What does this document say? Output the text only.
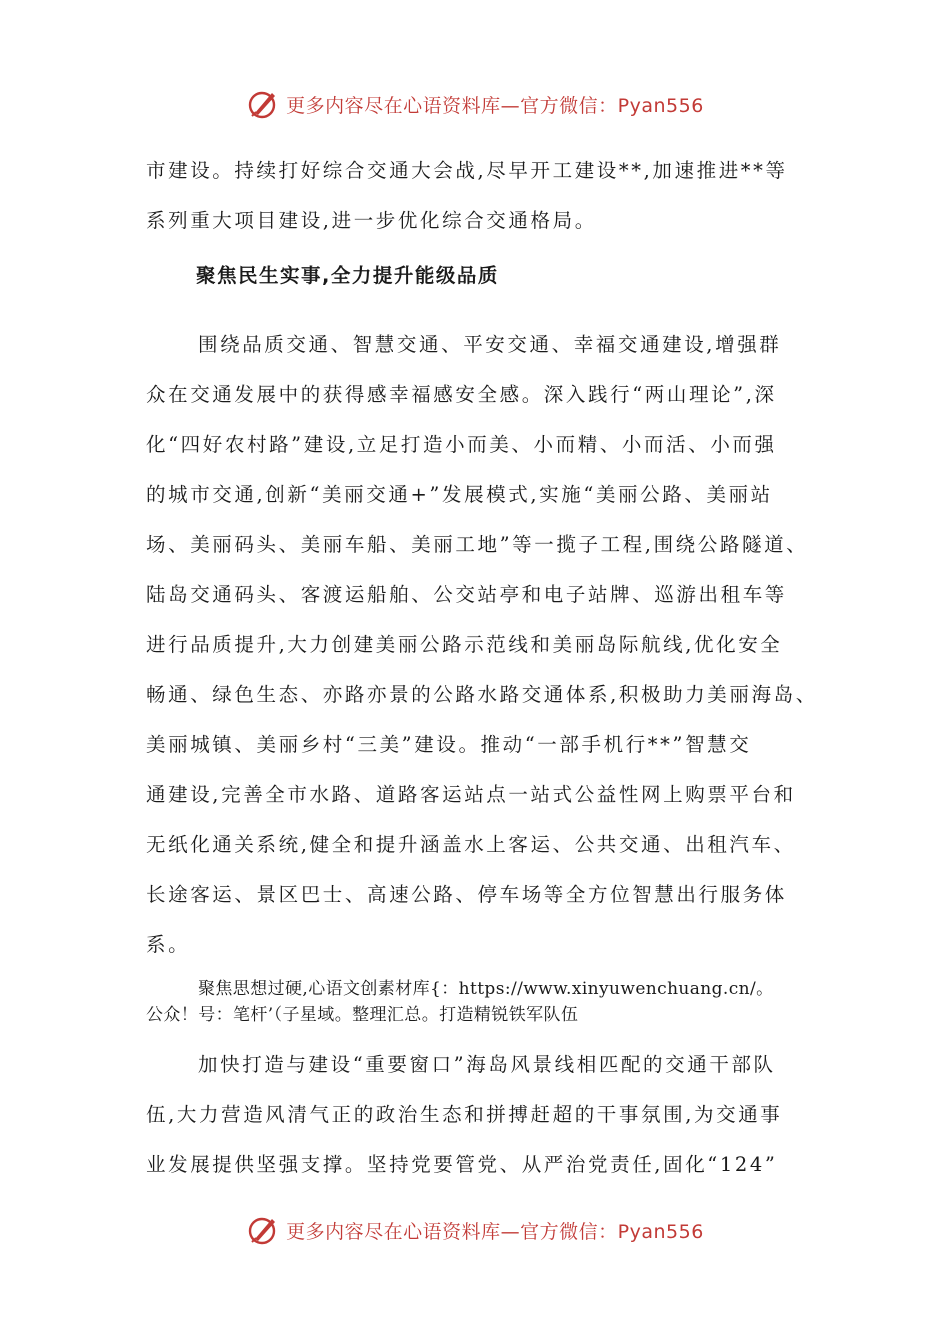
更多内容尽在心语资料库—官方微信：Pyan556
市建设。持续打好综合交通大会战,尽早开工建设**,加速推进**等
系列重大项目建设,进一步优化综合交通格局。
聚焦民生实事,全力提升能级品质
围绕品质交通、智慧交通、平安交通、幸福交通建设,增强群
众在交通发展中的获得感幸福感安全感。深入践行“两山理论”,深
化“四好农村路”建设,立足打造小而美、小而精、小而活、小而强
的城市交通,创新“美丽交通+”发展模式,实施“美丽公路、美丽站
场、美丽码头、美丽车船、美丽工地”等一揽子工程,围绕公路隧道、
陆岛交通码头、客渡运船舶、公交站亭和电子站牌、巡游出租车等
进行品质提升,大力创建美丽公路示范线和美丽岛际航线,优化安全
畅通、绿色生态、亦路亦景的公路水路交通体系,积极助力美丽海岛、
美丽城镇、美丽乡村“三美”建设。推动“一部手机行**”智慧交
通建设,完善全市水路、道路客运站点一站式公益性网上购票平台和
无纸化通关系统,健全和提升涵盖水上客运、公共交通、出租汽车、
长途客运、景区巴士、高速公路、停车场等全方位智慧出行服务体
系。
聚焦思想过硬,心语文创素材库{：https://www.xinyuwenchuang.cn/。
公众！号：笔杆’（子星域。整理汇总。打造精锐铁军队伍
加快打造与建设“重要窗口”海岛风景线相匹配的交通干部队
伍,大力营造风清气正的政治生态和拼搏赶超的干事氛围,为交通事
业发展提供坚强支撑。坚持党要管党、从严治党责任,固化“124”
更多内容尽在心语资料库—官方微信：Pyan556
